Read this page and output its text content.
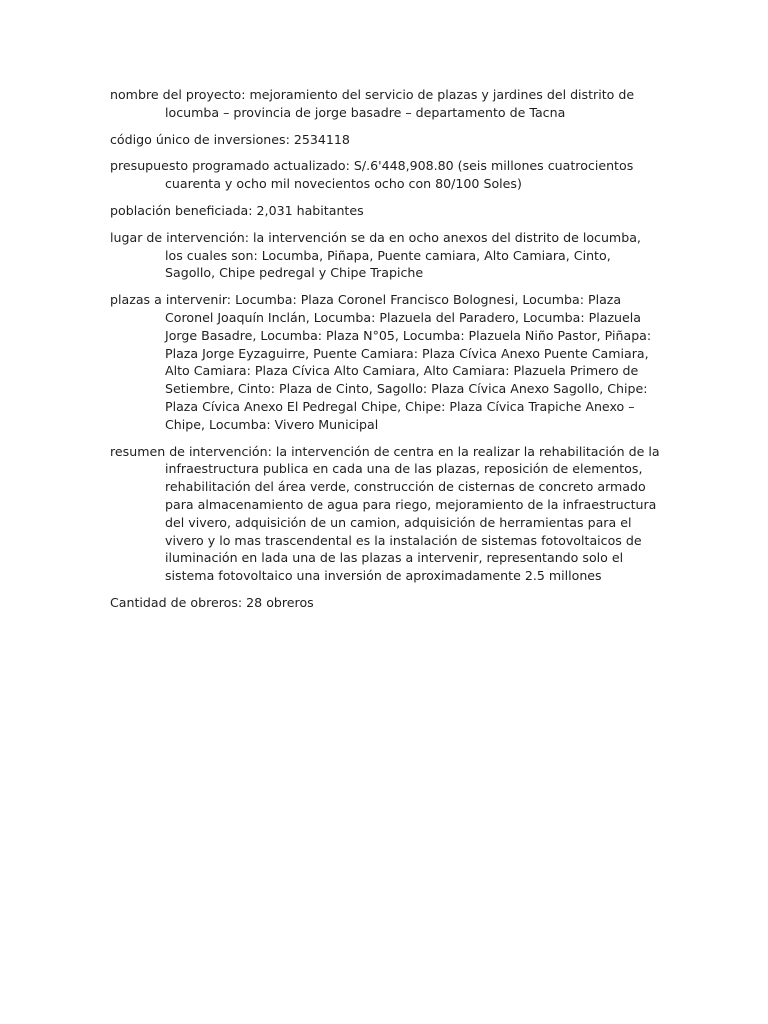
nombre del proyecto: mejoramiento del servicio de plazas y jardines del distrito de locumba – provincia de jorge basadre – departamento de Tacna

código único de inversiones: 2534118

presupuesto programado actualizado: S/.6'448,908.80 (seis millones cuatrocientos cuarenta y ocho mil novecientos ocho con 80/100 Soles)

población beneficiada: 2,031 habitantes

lugar de intervención: la intervención se da en ocho anexos del distrito de locumba, los cuales son: Locumba, Piñapa, Puente camiara, Alto Camiara, Cinto, Sagollo, Chipe pedregal y Chipe Trapiche

plazas a intervenir: Locumba: Plaza Coronel Francisco Bolognesi, Locumba: Plaza Coronel Joaquín Inclán, Locumba: Plazuela del Paradero, Locumba: Plazuela Jorge Basadre, Locumba: Plaza N°05, Locumba: Plazuela Niño Pastor, Piñapa: Plaza Jorge Eyzaguirre, Puente Camiara: Plaza Cívica Anexo Puente Camiara, Alto Camiara: Plaza Cívica Alto Camiara, Alto Camiara: Plazuela Primero de Setiembre, Cinto: Plaza de Cinto, Sagollo: Plaza Cívica Anexo Sagollo, Chipe: Plaza Cívica Anexo El Pedregal Chipe, Chipe: Plaza Cívica Trapiche Anexo – Chipe, Locumba: Vivero Municipal

resumen de intervención: la intervención de centra en la realizar la rehabilitación de la infraestructura publica en cada una de las plazas, reposición de elementos, rehabilitación del área verde, construcción de cisternas de concreto armado para almacenamiento de agua para riego, mejoramiento de la infraestructura del vivero, adquisición de un camion, adquisición de herramientas para el vivero y lo mas trascendental es la instalación de sistemas fotovoltaicos de iluminación en lada una de las plazas a intervenir, representando solo el sistema fotovoltaico una inversión de aproximadamente 2.5 millones

Cantidad de obreros: 28 obreros
